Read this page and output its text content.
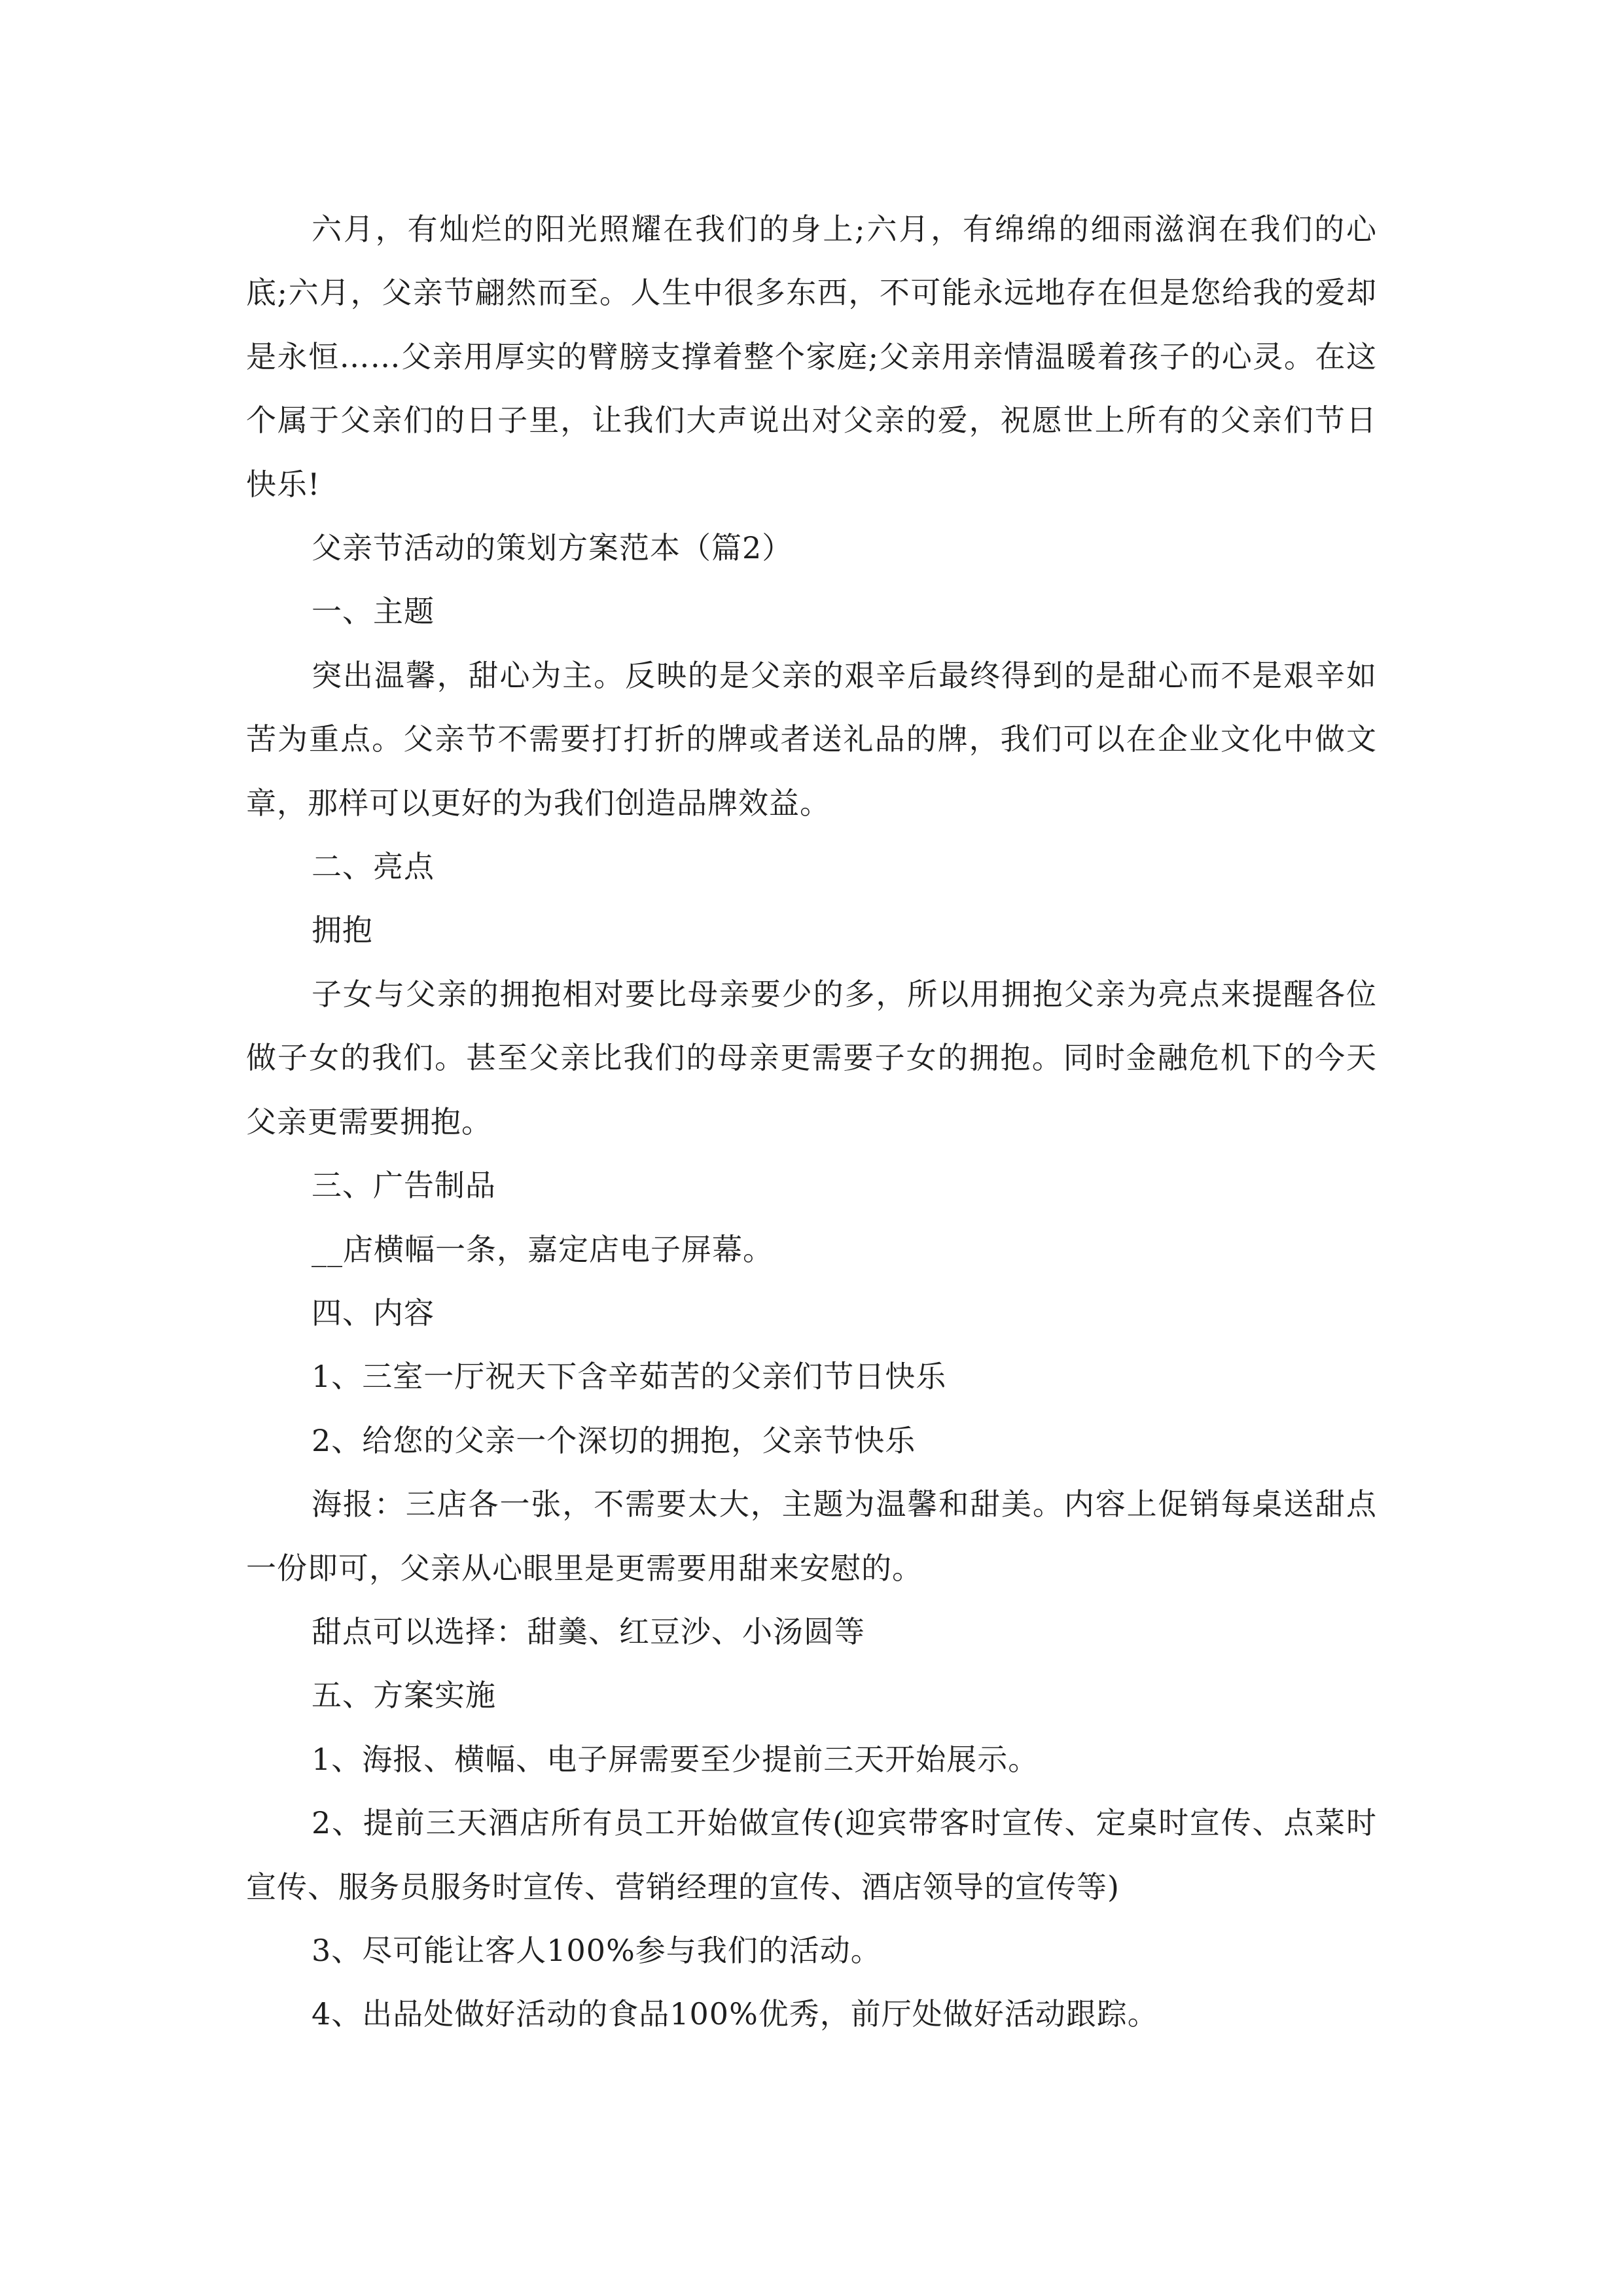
六月，有灿烂的阳光照耀在我们的身上;六月，有绵绵的细雨滋润在我们的心底;六月，父亲节翩然而至。人生中很多东西，不可能永远地存在但是您给我的爱却是永恒……父亲用厚实的臂膀支撑着整个家庭;父亲用亲情温暖着孩子的心灵。在这个属于父亲们的日子里，让我们大声说出对父亲的爱，祝愿世上所有的父亲们节日快乐!

父亲节活动的策划方案范本（篇2）

一、主题

突出温馨，甜心为主。反映的是父亲的艰辛后最终得到的是甜心而不是艰辛如苦为重点。父亲节不需要打打折的牌或者送礼品的牌，我们可以在企业文化中做文章，那样可以更好的为我们创造品牌效益。

二、亮点

拥抱

子女与父亲的拥抱相对要比母亲要少的多，所以用拥抱父亲为亮点来提醒各位做子女的我们。甚至父亲比我们的母亲更需要子女的拥抱。同时金融危机下的今天父亲更需要拥抱。

三、广告制品

__店横幅一条，嘉定店电子屏幕。

四、内容

1、三室一厅祝天下含辛茹苦的父亲们节日快乐

2、给您的父亲一个深切的拥抱，父亲节快乐

海报：三店各一张，不需要太大，主题为温馨和甜美。内容上促销每桌送甜点一份即可，父亲从心眼里是更需要用甜来安慰的。

甜点可以选择：甜羹、红豆沙、小汤圆等

五、方案实施

1、海报、横幅、电子屏需要至少提前三天开始展示。

2、提前三天酒店所有员工开始做宣传(迎宾带客时宣传、定桌时宣传、点菜时宣传、服务员服务时宣传、营销经理的宣传、酒店领导的宣传等)

3、尽可能让客人100%参与我们的活动。

4、出品处做好活动的食品100%优秀，前厅处做好活动跟踪。
